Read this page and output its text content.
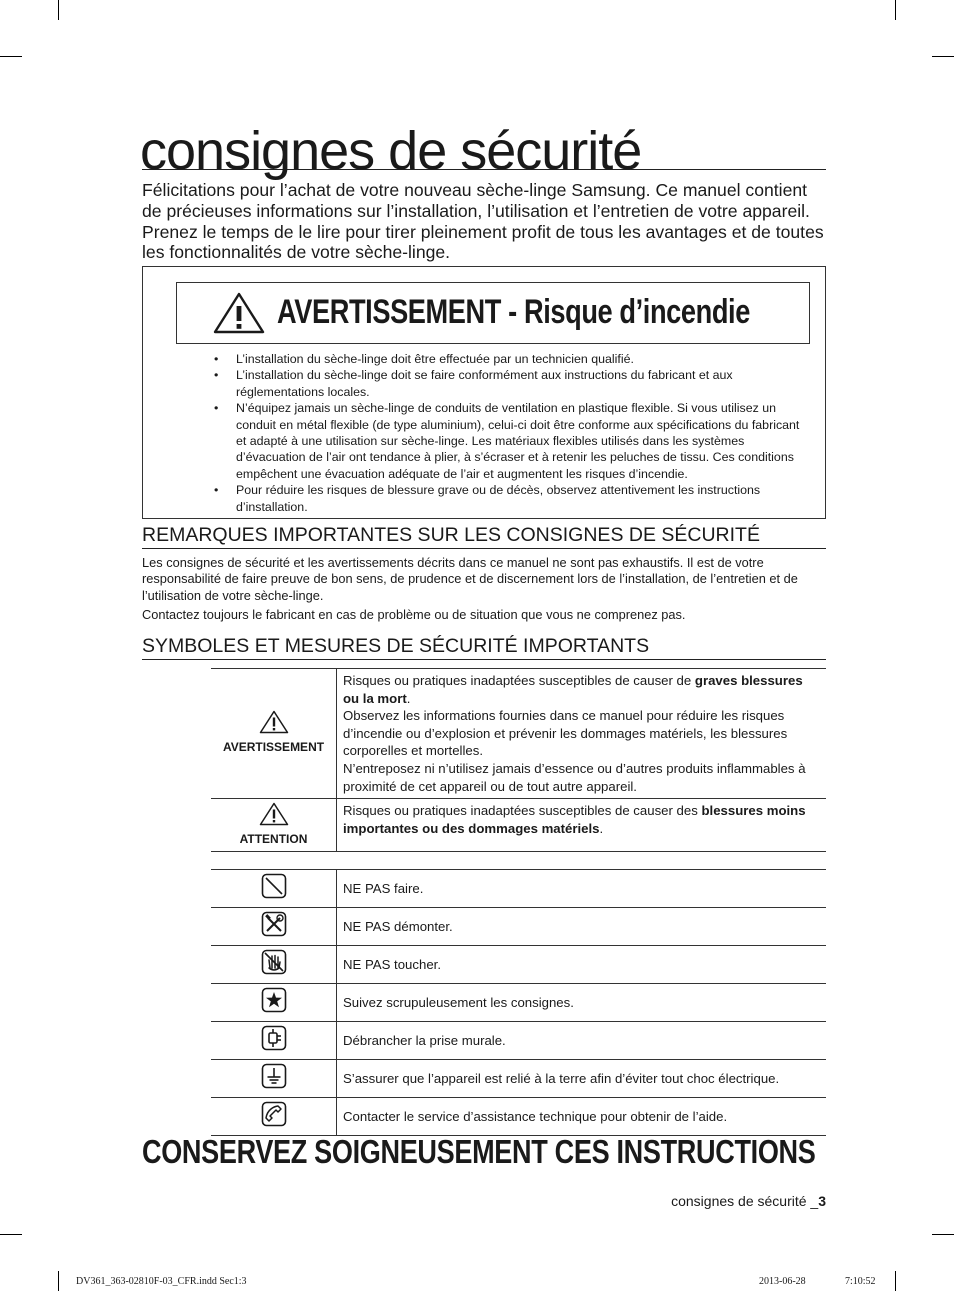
consignes de sécurité

Félicitations pour l’achat de votre nouveau sèche-linge Samsung. Ce manuel contient de précieuses informations sur l’installation, l’utilisation et l’entretien de votre appareil. Prenez le temps de le lire pour tirer pleinement profit de tous les avantages et de toutes les fonctionnalités de votre sèche-linge.

AVERTISSEMENT - Risque d’incendie
• L’installation du sèche-linge doit être effectuée par un technicien qualifié.
• L’installation du sèche-linge doit se faire conformément aux instructions du fabricant et aux réglementations locales.
• N’équipez jamais un sèche-linge de conduits de ventilation en plastique flexible. Si vous utilisez un conduit en métal flexible (de type aluminium), celui-ci doit être conforme aux spécifications du fabricant et adapté à une utilisation sur sèche-linge. Les matériaux flexibles utilisés dans les systèmes d’évacuation de l’air ont tendance à plier, à s’écraser et à retenir les peluches de tissu. Ces conditions empêchent une évacuation adéquate de l’air et augmentent les risques d’incendie.
• Pour réduire les risques de blessure grave ou de décès, observez attentivement les instructions d’installation.
REMARQUES IMPORTANTES SUR LES CONSIGNES DE SÉCURITÉ

Les consignes de sécurité et les avertissements décrits dans ce manuel ne sont pas exhaustifs. Il est de votre responsabilité de faire preuve de bon sens, de prudence et de discernement lors de l’installation, de l’entretien et de l’utilisation de votre sèche-linge.

Contactez toujours le fabricant en cas de problème ou de situation que vous ne comprenez pas.

SYMBOLES ET MESURES DE SÉCURITÉ IMPORTANTS
AVERTISSEMENT	Risques ou pratiques inadaptées susceptibles de causer de graves blessures ou la mort.
Observez les informations fournies dans ce manuel pour réduire les risques d’incendie ou d’explosion et prévenir les dommages matériels, les blessures corporelles et mortelles.
N’entreposez ni n’utilisez jamais d’essence ou d’autres produits inflammables à proximité de cet appareil ou de tout autre appareil.

ATTENTION	Risques ou pratiques inadaptées susceptibles de causer des blessures moins importantes ou des dommages matériels.

	NE PAS faire.
	NE PAS démonter.
	NE PAS toucher.
	Suivez scrupuleusement les consignes.
	Débrancher la prise murale.
	S’assurer que l’appareil est relié à la terre afin d’éviter tout choc électrique.
	Contacter le service d’assistance technique pour obtenir de l’aide.
CONSERVEZ SOIGNEUSEMENT CES INSTRUCTIONS
consignes de sécurité _3
DV361_363-02810F-03_CFR.indd Sec1:3	2013-06-28	7:10:52
